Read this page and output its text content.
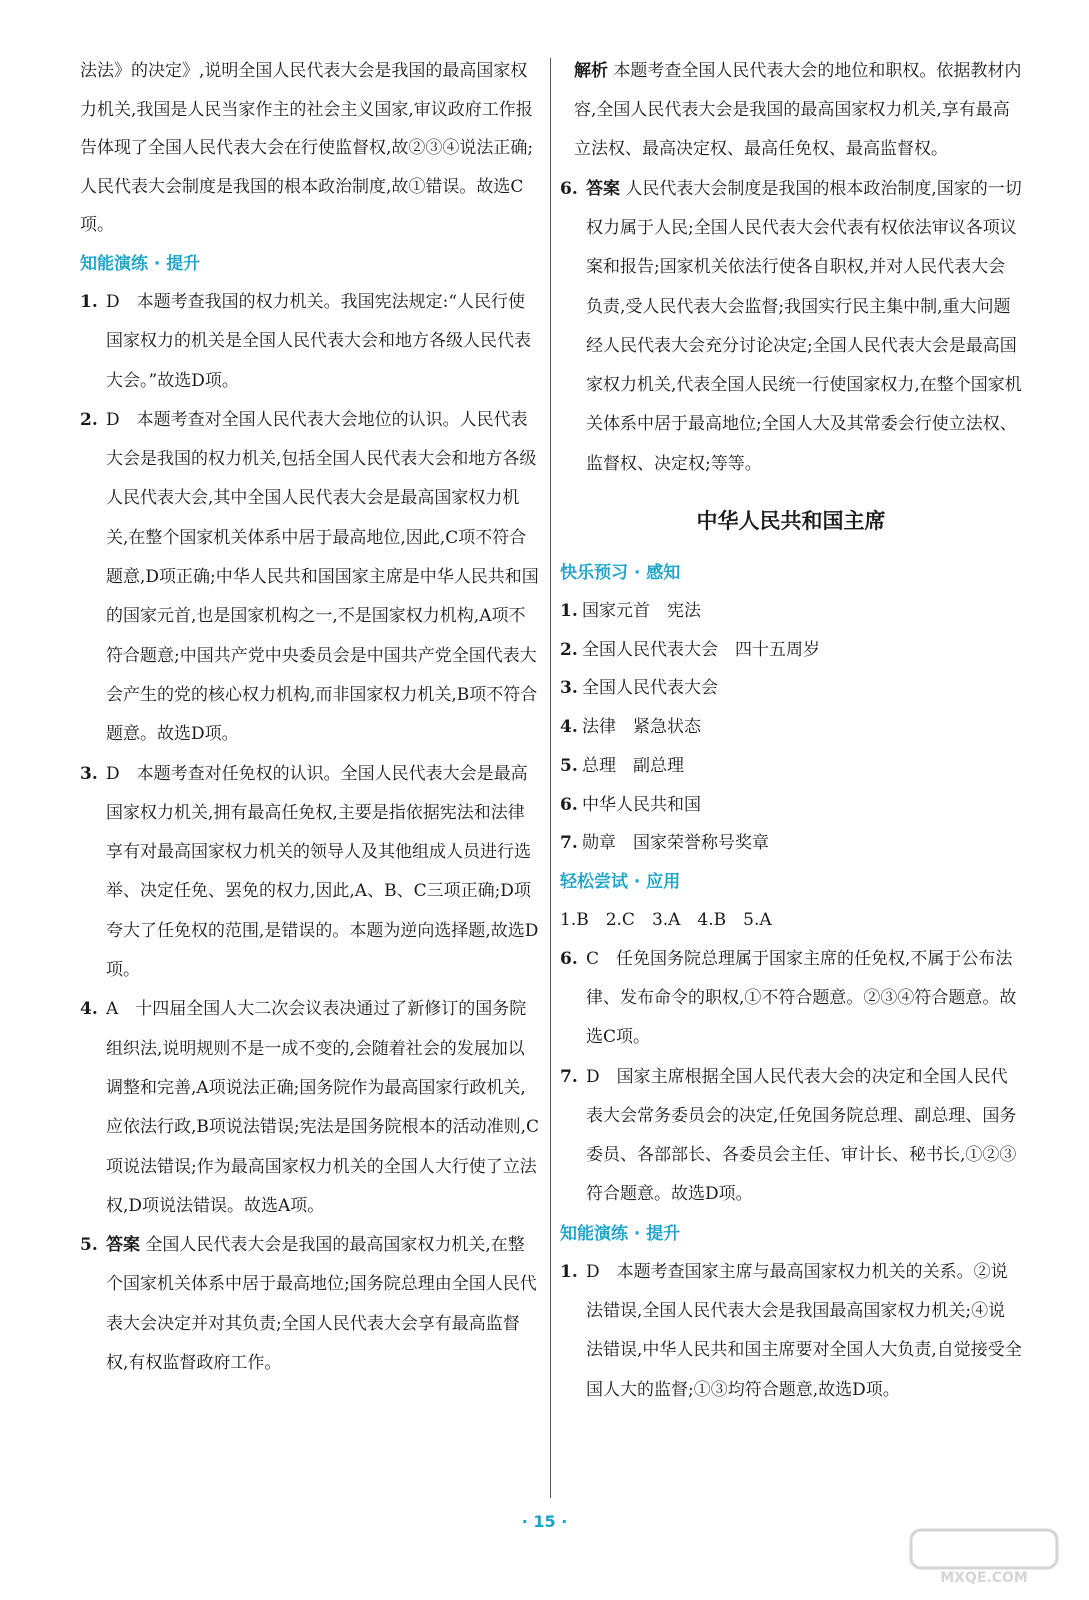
法法》的决定》,说明全国人民代表大会是我国的最高国家权力机关,我国是人民当家作主的社会主义国家,审议政府工作报告体现了全国人民代表大会在行使监督权,故②③④说法正确;人民代表大会制度是我国的根本政治制度,故①错误。故选C项。

知能演练 · 提升

1. D　本题考查我国的权力机关。我国宪法规定:“人民行使国家权力的机关是全国人民代表大会和地方各级人民代表大会。”故选D项。
2. D　本题考查对全国人民代表大会地位的认识。人民代表大会是我国的权力机关,包括全国人民代表大会和地方各级人民代表大会,其中全国人民代表大会是最高国家权力机关,在整个国家机关体系中居于最高地位,因此,C项不符合题意,D项正确;中华人民共和国国家主席是中华人民共和国的国家元首,也是国家机构之一,不是国家权力机构,A项不符合题意;中国共产党中央委员会是中国共产党全国代表大会产生的党的核心权力机构,而非国家权力机关,B项不符合题意。故选D项。
3. D　本题考查对任免权的认识。全国人民代表大会是最高国家权力机关,拥有最高任免权,主要是指依据宪法和法律享有对最高国家权力机关的领导人及其他组成人员进行选举、决定任免、罢免的权力,因此,A、B、C三项正确;D项夸大了任免权的范围,是错误的。本题为逆向选择题,故选D项。
4. A　十四届全国人大二次会议表决通过了新修订的国务院组织法,说明规则不是一成不变的,会随着社会的发展加以调整和完善,A项说法正确;国务院作为最高国家行政机关,应依法行政,B项说法错误;宪法是国务院根本的活动准则,C项说法错误;作为最高国家权力机关的全国人大行使了立法权,D项说法错误。故选A项。
5. 答案 全国人民代表大会是我国的最高国家权力机关,在整个国家机关体系中居于最高地位;国务院总理由全国人民代表大会决定并对其负责;全国人民代表大会享有最高监督权,有权监督政府工作。

解析 本题考查全国人民代表大会的地位和职权。依据教材内容,全国人民代表大会是我国的最高国家权力机关,享有最高立法权、最高决定权、最高任免权、最高监督权。

6. 答案 人民代表大会制度是我国的根本政治制度,国家的一切权力属于人民;全国人民代表大会代表有权依法审议各项议案和报告;国家机关依法行使各自职权,并对人民代表大会负责,受人民代表大会监督;我国实行民主集中制,重大问题经人民代表大会充分讨论决定;全国人民代表大会是最高国家权力机关,代表全国人民统一行使国家权力,在整个国家机关体系中居于最高地位;全国人大及其常委会行使立法权、监督权、决定权;等等。

中华人民共和国主席

快乐预习 · 感知

1. 国家元首　宪法
2. 全国人民代表大会　四十五周岁
3. 全国人民代表大会
4. 法律　紧急状态
5. 总理　副总理
6. 中华人民共和国
7. 勋章　国家荣誉称号奖章

轻松尝试 · 应用

1.B　2.C　3.A　4.B　5.A

6. C　任免国务院总理属于国家主席的任免权,不属于公布法律、发布命令的职权,①不符合题意。②③④符合题意。故选C项。
7. D　国家主席根据全国人民代表大会的决定和全国人民代表大会常务委员会的决定,任免国务院总理、副总理、国务委员、各部部长、各委员会主任、审计长、秘书长,①②③符合题意。故选D项。

知能演练 · 提升

1. D　本题考查国家主席与最高国家权力机关的关系。②说法错误,全国人民代表大会是我国最高国家权力机关;④说法错误,中华人民共和国主席要对全国人大负责,自觉接受全国人大的监督;①③均符合题意,故选D项。
· 15 ·
MXQE.COM
